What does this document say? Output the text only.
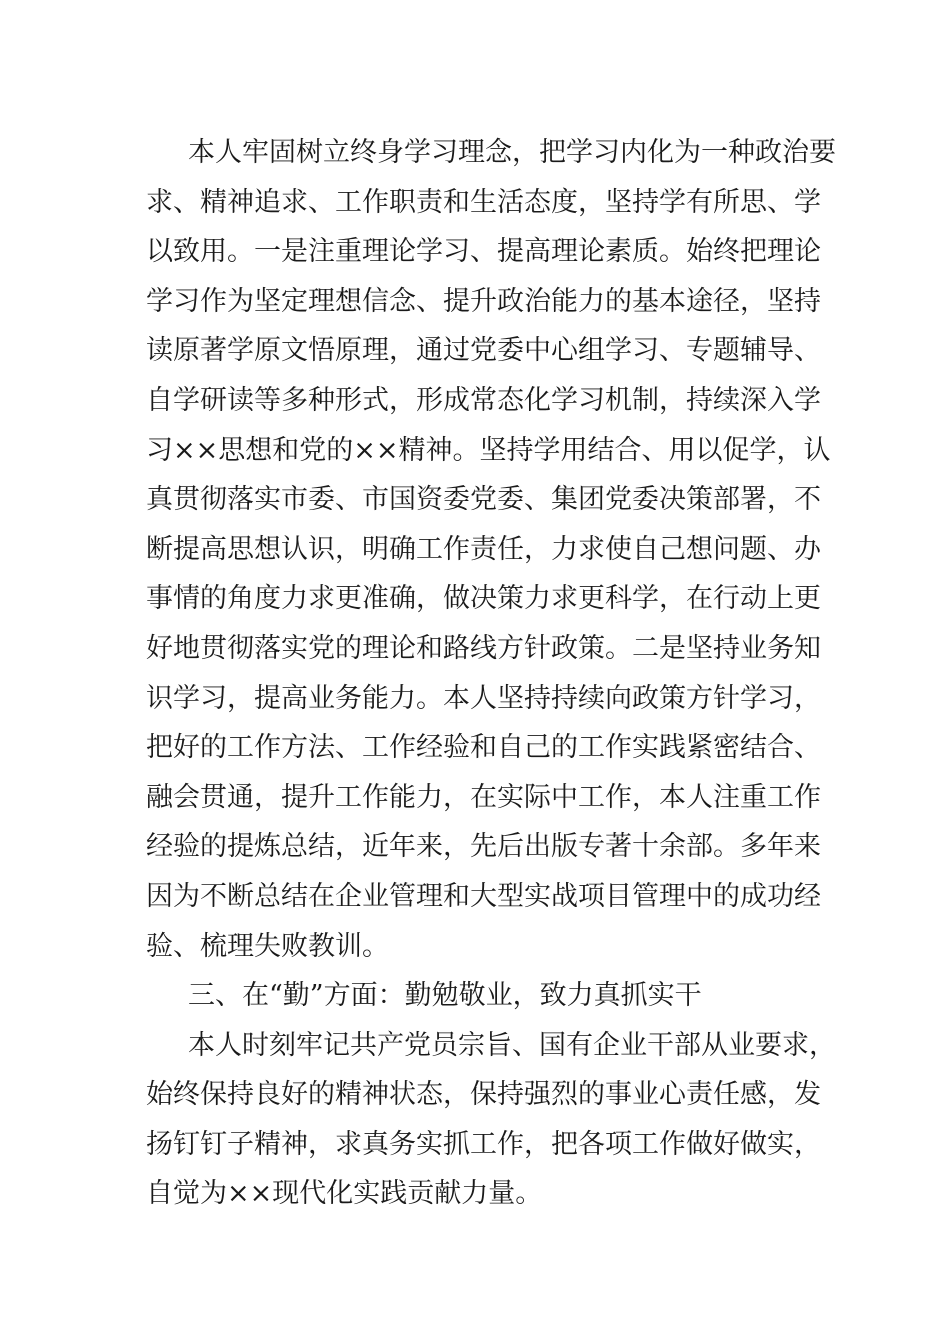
本人牢固树立终身学习理念，把学习内化为一种政治要
求、精神追求、工作职责和生活态度，坚持学有所思、学
以致用。一是注重理论学习、提高理论素质。始终把理论
学习作为坚定理想信念、提升政治能力的基本途径，坚持
读原著学原文悟原理，通过党委中心组学习、专题辅导、
自学研读等多种形式，形成常态化学习机制，持续深入学
习××思想和党的××精神。坚持学用结合、用以促学，认
真贯彻落实市委、市国资委党委、集团党委决策部署，不
断提高思想认识，明确工作责任，力求使自己想问题、办
事情的角度力求更准确，做决策力求更科学，在行动上更
好地贯彻落实党的理论和路线方针政策。二是坚持业务知
识学习，提高业务能力。本人坚持持续向政策方针学习，
把好的工作方法、工作经验和自己的工作实践紧密结合、
融会贯通，提升工作能力，在实际中工作，本人注重工作
经验的提炼总结，近年来，先后出版专著十余部。多年来
因为不断总结在企业管理和大型实战项目管理中的成功经
验、梳理失败教训。
三、在“勤”方面：勤勉敬业，致力真抓实干
本人时刻牢记共产党员宗旨、国有企业干部从业要求，
始终保持良好的精神状态，保持强烈的事业心责任感，发
扬钉钉子精神，求真务实抓工作，把各项工作做好做实，
自觉为××现代化实践贡献力量。
